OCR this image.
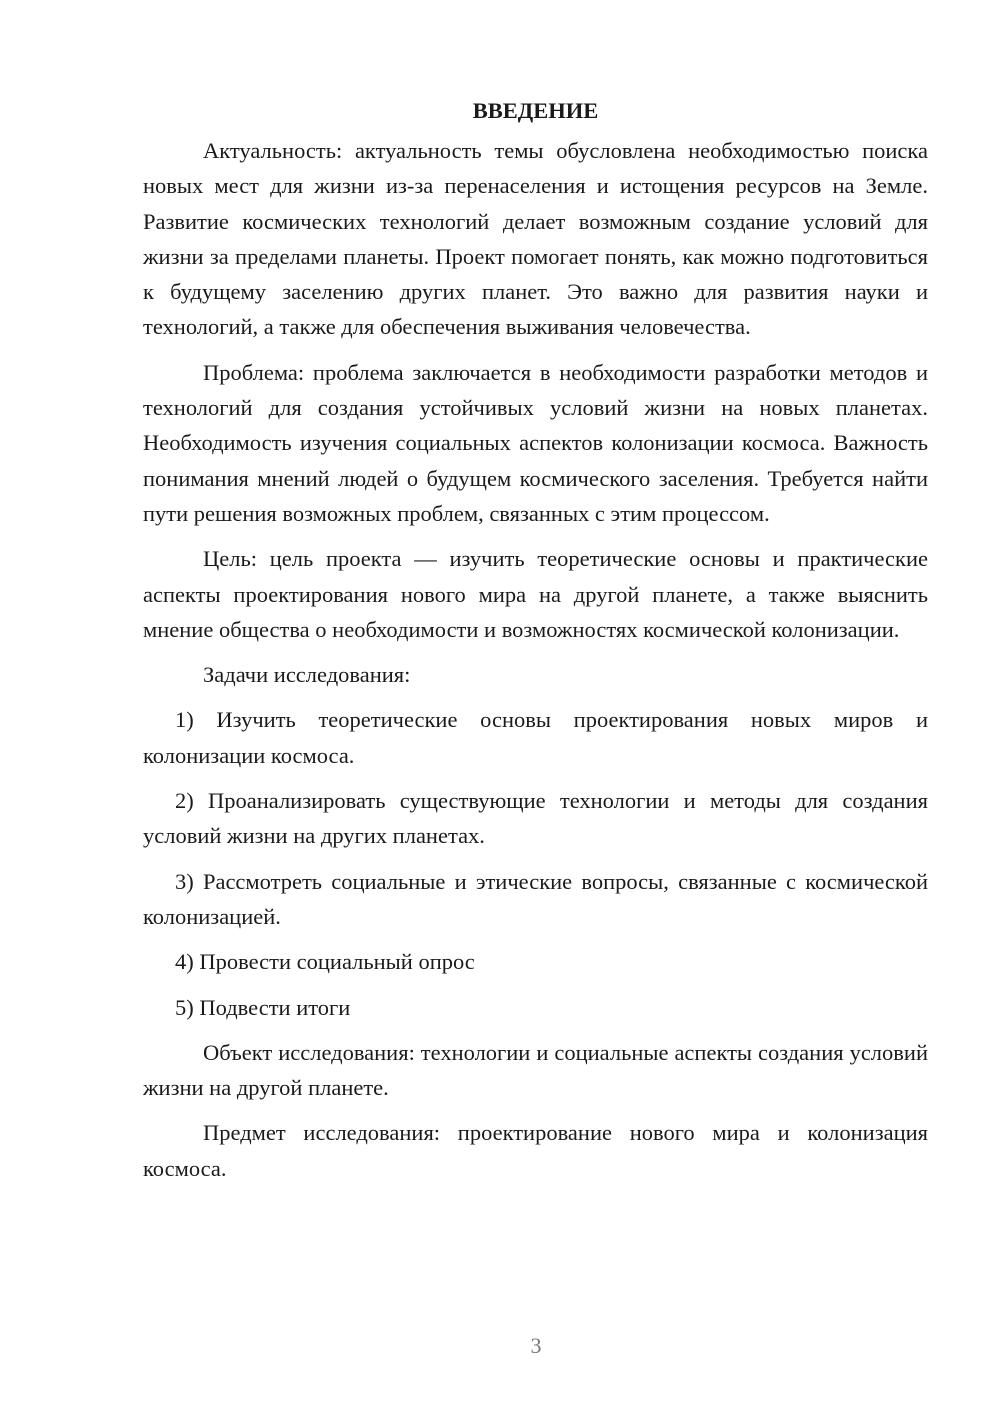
ВВЕДЕНИЕ

Актуальность: актуальность темы обусловлена необходимостью поиска новых мест для жизни из-за перенаселения и истощения ресурсов на Земле. Развитие космических технологий делает возможным создание условий для жизни за пределами планеты. Проект помогает понять, как можно подготовиться к будущему заселению других планет. Это важно для развития науки и технологий, а также для обеспечения выживания человечества.

Проблема: проблема заключается в необходимости разработки методов и технологий для создания устойчивых условий жизни на новых планетах. Необходимость изучения социальных аспектов колонизации космоса. Важность понимания мнений людей о будущем космического заселения. Требуется найти пути решения возможных проблем, связанных с этим процессом.

Цель: цель проекта — изучить теоретические основы и практические аспекты проектирования нового мира на другой планете, а также выяснить мнение общества о необходимости и возможностях космической колонизации.

Задачи исследования:

1) Изучить теоретические основы проектирования новых миров и колонизации космоса.

2) Проанализировать существующие технологии и методы для создания условий жизни на других планетах.

3) Рассмотреть социальные и этические вопросы, связанные с космической колонизацией.

4) Провести социальный опрос

5) Подвести итоги

Объект исследования: технологии и социальные аспекты создания условий жизни на другой планете.

Предмет исследования: проектирование нового мира и колонизация космоса.

3
